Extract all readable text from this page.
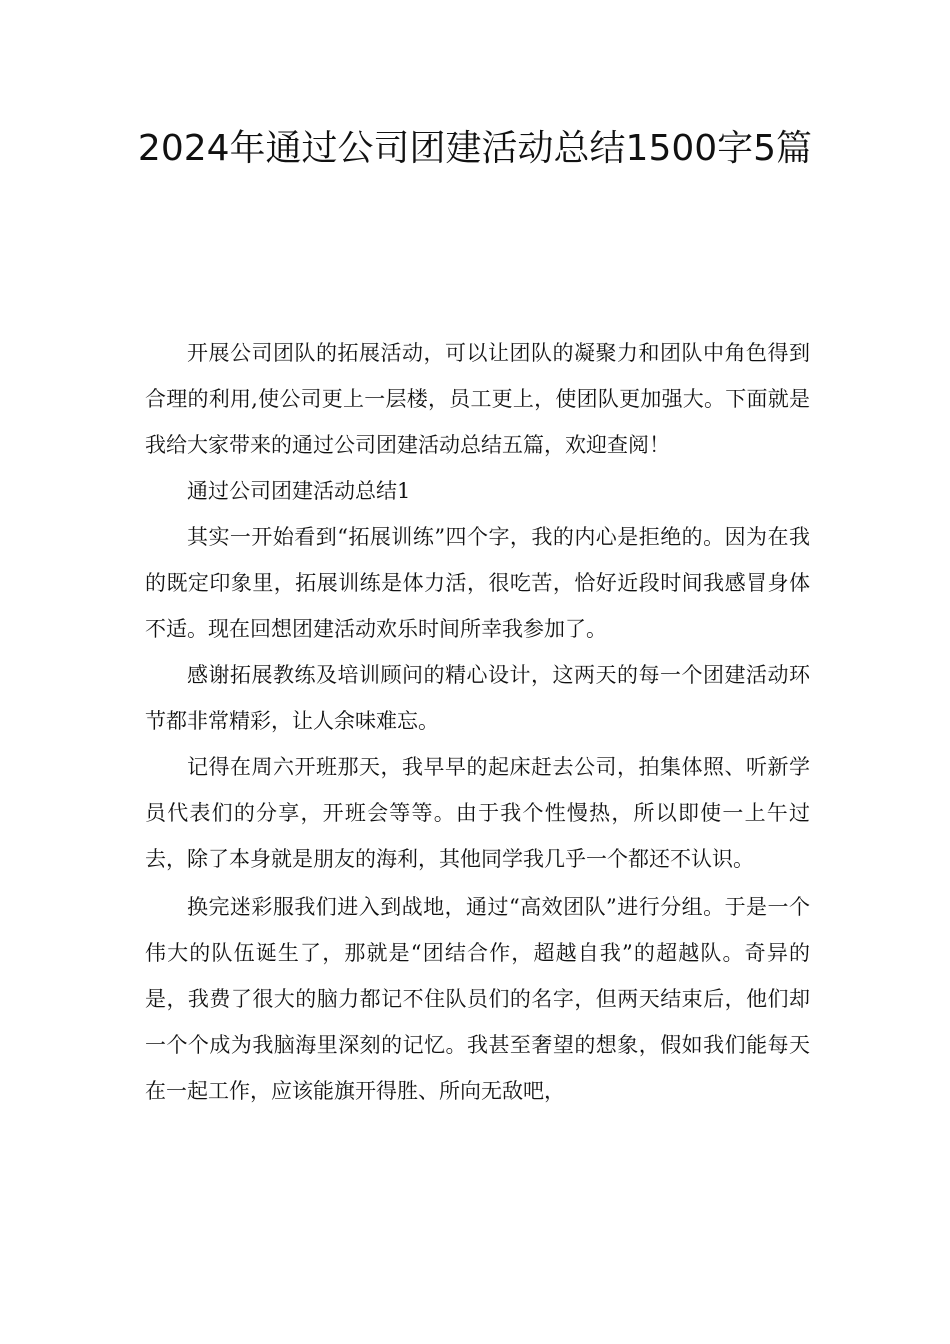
2024年通过公司团建活动总结1500字5篇

开展公司团队的拓展活动，可以让团队的凝聚力和团队中角色得到合理的利用,使公司更上一层楼，员工更上，使团队更加强大。下面就是我给大家带来的通过公司团建活动总结五篇，欢迎查阅！

通过公司团建活动总结1

其实一开始看到“拓展训练”四个字，我的内心是拒绝的。因为在我的既定印象里，拓展训练是体力活，很吃苦，恰好近段时间我感冒身体不适。现在回想团建活动欢乐时间所幸我参加了。

感谢拓展教练及培训顾问的精心设计，这两天的每一个团建活动环节都非常精彩，让人余味难忘。

记得在周六开班那天，我早早的起床赶去公司，拍集体照、听新学员代表们的分享，开班会等等。由于我个性慢热，所以即使一上午过去，除了本身就是朋友的海利，其他同学我几乎一个都还不认识。

换完迷彩服我们进入到战地，通过“高效团队”进行分组。于是一个伟大的队伍诞生了，那就是“团结合作，超越自我”的超越队。奇异的是，我费了很大的脑力都记不住队员们的名字，但两天结束后，他们却一个个成为我脑海里深刻的记忆。我甚至奢望的想象，假如我们能每天在一起工作，应该能旗开得胜、所向无敌吧，
